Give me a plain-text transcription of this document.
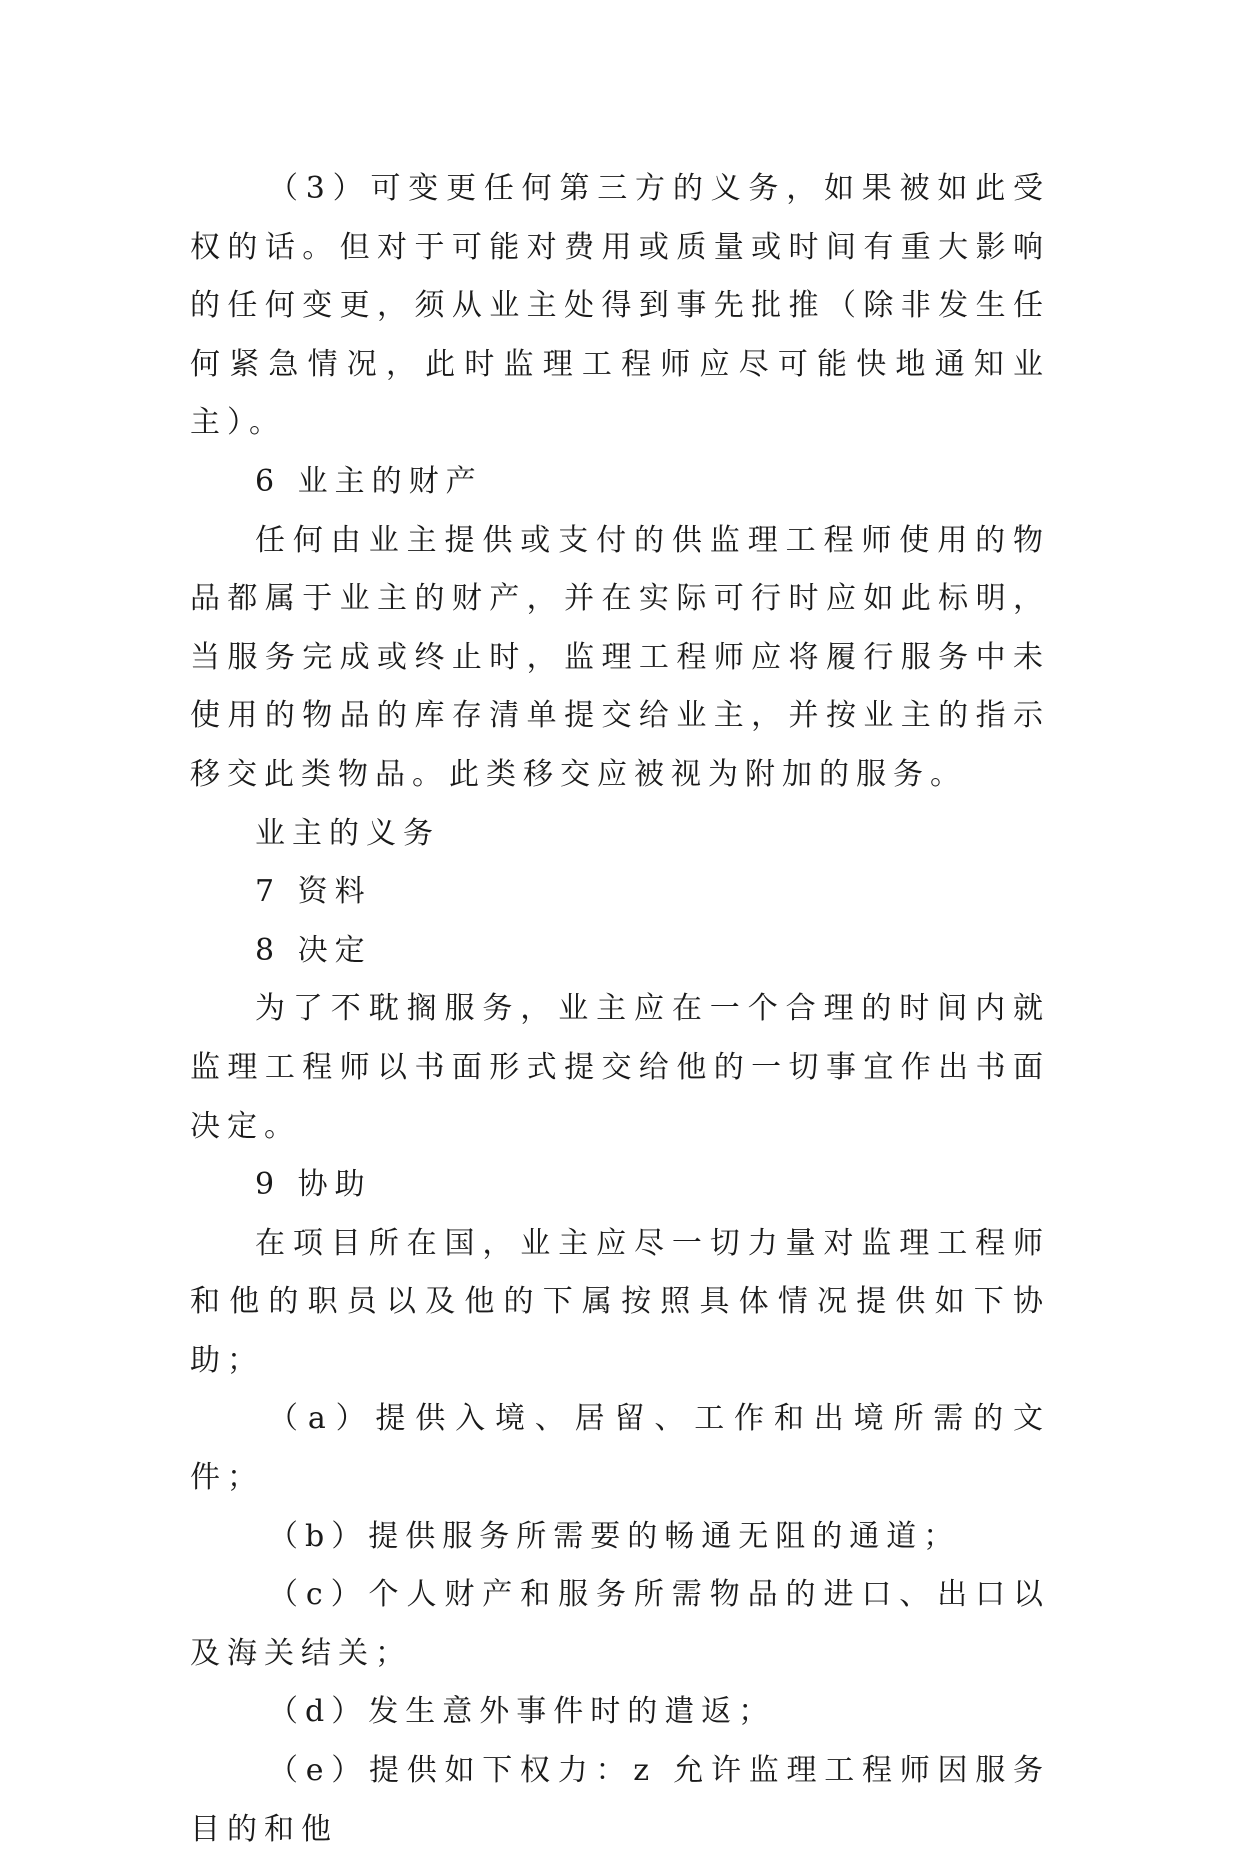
（3）可变更任何第三方的义务，如果被如此受权的话。但对于可能对费用或质量或时间有重大影响的任何变更，须从业主处得到事先批推（除非发生任何紧急情况，此时监理工程师应尽可能快地通知业主）。

6 业主的财产

任何由业主提供或支付的供监理工程师使用的物品都属于业主的财产，并在实际可行时应如此标明，当服务完成或终止时，监理工程师应将履行服务中未使用的物品的库存清单提交给业主，并按业主的指示移交此类物品。此类移交应被视为附加的服务。

业主的义务

7 资料

8 决定

为了不耽搁服务，业主应在一个合理的时间内就监理工程师以书面形式提交给他的一切事宜作出书面决定。

9 协助

在项目所在国，业主应尽一切力量对监理工程师和他的职员以及他的下属按照具体情况提供如下协助；

（a）提供入境、居留、工作和出境所需的文件；

（b）提供服务所需要的畅通无阻的通道；

（c）个人财产和服务所需物品的进口、出口以及海关结关；

（d）发生意外事件时的遣返；

（e）提供如下权力：z 允许监理工程师因服务目的和他
